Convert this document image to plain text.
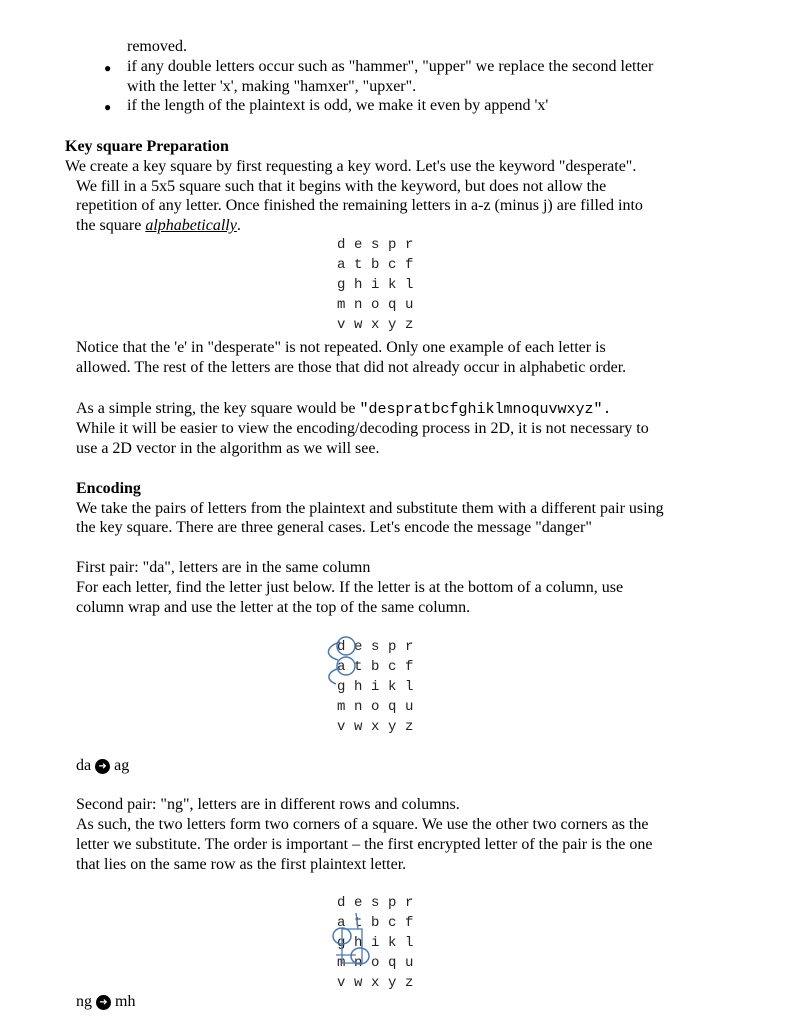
removed.
● if any double letters occur such as "hammer", "upper" we replace the second letter
with the letter 'x', making "hamxer", "upxer".
● if the length of the plaintext is odd, we make it even by append 'x'
Key square Preparation
We create a key square by first requesting a key word. Let's use the keyword "desperate".
We fill in a 5x5 square such that it begins with the keyword, but does not allow the
repetition of any letter. Once finished the remaining letters in a-z (minus j) are filled into
the square alphabetically.
d e s p r
a t b c f
g h i k l
m n o q u
v w x y z
Notice that the 'e' in "desperate" is not repeated. Only one example of each letter is
allowed. The rest of the letters are those that did not already occur in alphabetic order.
As a simple string, the key square would be "despratbcfghiklmnoquvwxyz".
While it will be easier to view the encoding/decoding process in 2D, it is not necessary to
use a 2D vector in the algorithm as we will see.
Encoding
We take the pairs of letters from the plaintext and substitute them with a different pair using
the key square. There are three general cases. Let's encode the message "danger"
First pair: "da", letters are in the same column
For each letter, find the letter just below. If the letter is at the bottom of a column, use
column wrap and use the letter at the top of the same column.
d e s p r
a t b c f
g h i k l
m n o q u
v w x y z
da ➜ ag
Second pair: "ng", letters are in different rows and columns.
As such, the two letters form two corners of a square. We use the other two corners as the
letter we substitute. The order is important – the first encrypted letter of the pair is the one
that lies on the same row as the first plaintext letter.
d e s p r
a t b c f
g h i k l
m n o q u
v w x y z
ng ➜ mh
